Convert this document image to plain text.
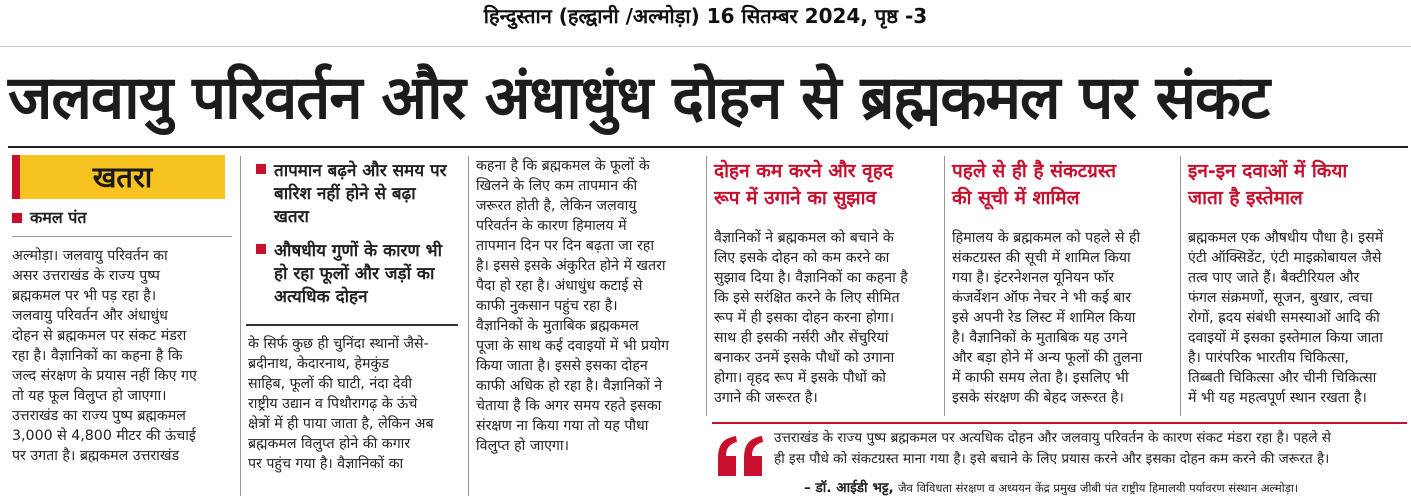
हिन्दुस्तान (हल्द्वानी /अल्मोड़ा) 16 सितम्बर 2024, पृष्ठ -3
जलवायु परिवर्तन और अंधाधुंध दोहन से ब्रह्मकमल पर संकट
खतरा
कमल पंत
अल्मोड़ा। जलवायु परिवर्तन का
असर उत्तराखंड के राज्य पुष्प
ब्रह्मकमल पर भी पड़ रहा है।
जलवायु परिवर्तन और अंधाधुंध
दोहन से ब्रह्मकमल पर संकट मंडरा
रहा है। वैज्ञानिकों का कहना है कि
जल्द संरक्षण के प्रयास नहीं किए गए
तो यह फूल विलुप्त हो जाएगा।
उत्तराखंड का राज्य पुष्प ब्रह्मकमल
3,000 से 4,800 मीटर की ऊंचाई
पर उगता है। ब्रह्मकमल उत्तराखंड
तापमान बढ़ने और समय पर
बारिश नहीं होने से बढ़ा
खतरा
औषधीय गुणों के कारण भी
हो रहा फूलों और जड़ों का
अत्यधिक दोहन
के सिर्फ कुछ ही चुनिंदा स्थानों जैसे-
ब्रदीनाथ, केदारनाथ, हेमकुंड
साहिब, फूलों की घाटी, नंदा देवी
राष्ट्रीय उद्यान व पिथौरागढ़ के ऊंचे
क्षेत्रों में ही पाया जाता है, लेकिन अब
ब्रह्मकमल विलुप्त होने की कगार
पर पहुंच गया है। वैज्ञानिकों का
कहना है कि ब्रह्मकमल के फूलों के
खिलने के लिए कम तापमान की
जरूरत होती है, लेकिन जलवायु
परिवर्तन के कारण हिमालय में
तापमान दिन पर दिन बढ़ता जा रहा
है। इससे इसके अंकुरित होने में खतरा
पैदा हो रहा है। अंधाधुंध कटाई से
काफी नुकसान पहुंच रहा है।
वैज्ञानिकों के मुताबिक ब्रह्मकमल
पूजा के साथ कई दवाइयों में भी प्रयोग
किया जाता है। इससे इसका दोहन
काफी अधिक हो रहा है। वैज्ञानिकों ने
चेताया है कि अगर समय रहते इसका
संरक्षण ना किया गया तो यह पौधा
विलुप्त हो जाएगा।
दोहन कम करने और वृहद
रूप में उगाने का सुझाव
वैज्ञानिकों ने ब्रह्मकमल को बचाने के
लिए इसके दोहन को कम करने का
सुझाव दिया है। वैज्ञानिकों का कहना है
कि इसे सरंक्षित करने के लिए सीमित
रूप में ही इसका दोहन करना होगा।
साथ ही इसकी नर्सरी और सेंचुरियां
बनाकर उनमें इसके पौधों को उगाना
होगा। वृहद रूप में इसके पौधों को
उगाने की जरूरत है।
पहले से ही है संकटग्रस्त
की सूची में शामिल
हिमालय के ब्रह्मकमल को पहले से ही
संकटग्रस्त की सूची में शामिल किया
गया है। इंटरनेशनल यूनियन फॉर
कंजर्वेशन ऑफ नेचर ने भी कई बार
इसे अपनी रेड लिस्ट में शामिल किया
है। वैज्ञानिकों के मुताबिक यह उगने
और बड़ा होने में अन्य फूलों की तुलना
में काफी समय लेता है। इसलिए भी
इसके संरक्षण की बेहद जरूरत है।
इन-इन दवाओं में किया
जाता है इस्तेमाल
ब्रह्मकमल एक औषधीय पौधा है। इसमें
एंटी ऑक्सिडेंट, एंटी माइक्रोबायल जैसे
तत्व पाए जाते हैं। बैक्टीरियल और
फंगल संक्रमणों, सूजन, बुखार, त्वचा
रोगों, ह्रदय संबंधी समस्याओं आदि की
दवाइयों में इसका इस्तेमाल किया जाता
है। पारंपरिक भारतीय चिकित्सा,
तिब्बती चिकित्सा और चीनी चिकित्सा
में भी यह महत्वपूर्ण स्थान रखता है।
उत्तराखंड के राज्य पुष्प ब्रह्मकमल पर अत्यधिक दोहन और जलवायु परिवर्तन के कारण संकट मंडरा रहा है। पहले से
ही इस पौधे को संकटग्रस्त माना गया है। इसे बचाने के लिए प्रयास करने और इसका दोहन कम करने की जरूरत है।
– डॉ. आईडी भट्ट, जैव विविधता संरक्षण व अध्ययन केंद्र प्रमुख जीबी पंत राष्ट्रीय हिमालयी पर्यावरण संस्थान अल्मोड़ा।
